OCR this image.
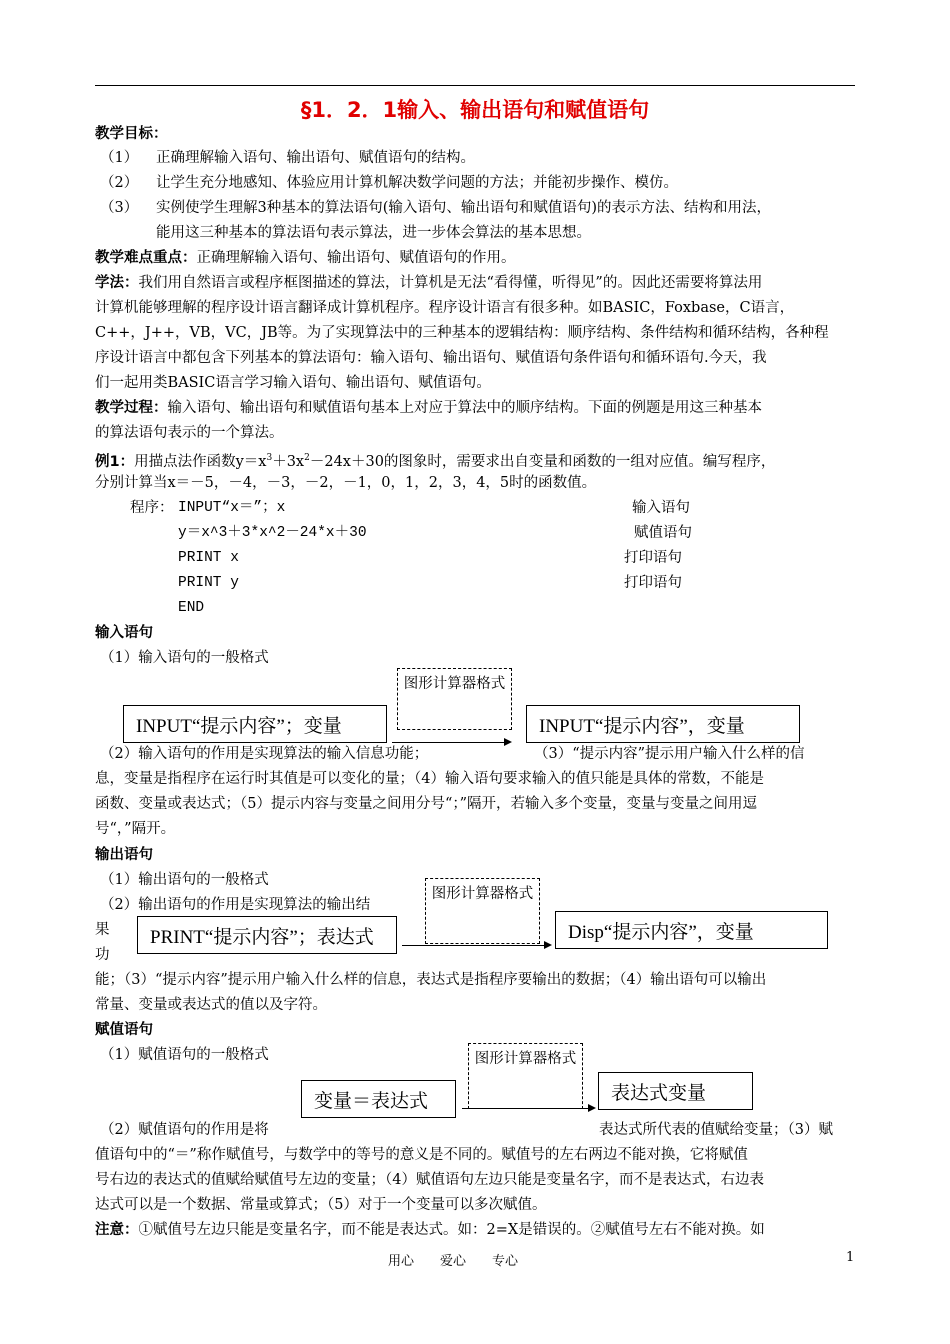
§1．2．1输入、输出语句和赋值语句
教学目标：
（1） 正确理解输入语句、输出语句、赋值语句的结构。
（2） 让学生充分地感知、体验应用计算机解决数学问题的方法；并能初步操作、模仿。
（3） 实例使学生理解3种基本的算法语句(输入语句、输出语句和赋值语句)的表示方法、结构和用法，
能用这三种基本的算法语句表示算法，进一步体会算法的基本思想。
教学难点重点：正确理解输入语句、输出语句、赋值语句的作用。
学法：我们用自然语言或程序框图描述的算法，计算机是无法“看得懂，听得见”的。因此还需要将算法用
计算机能够理解的程序设计语言翻译成计算机程序。程序设计语言有很多种。如BASIC，Foxbase，C语言，
C++，J++，VB，VC，JB等。为了实现算法中的三种基本的逻辑结构：顺序结构、条件结构和循环结构，各种程
序设计语言中都包含下列基本的算法语句：输入语句、输出语句、赋值语句条件语句和循环语句.今天，我
们一起用类BASIC语言学习输入语句、输出语句、赋值语句。
教学过程：输入语句、输出语句和赋值语句基本上对应于算法中的顺序结构。下面的例题是用这三种基本
的算法语句表示的一个算法。
例1：用描点法作函数$y=x^3+3x^2-24x+30$的图象时，需要求出自变量和函数的一组对应值。编写程序，
分别计算当x＝－5，－4，－3，－2，－1，0，1，2，3，4，5时的函数值。
程序： INPUT“x＝”；x	输入语句
y＝x^3＋3*x^2－24*x＋30	赋值语句
PRINT x	打印语句
PRINT y	打印语句
END
输入语句
（1）输入语句的一般格式
图形计算器格式
INPUT“提示内容”；变量	INPUT“提示内容”，变量
（2）输入语句的作用是实现算法的输入信息功能；	（3）“提示内容”提示用户输入什么样的信
息，变量是指程序在运行时其值是可以变化的量；（4）输入语句要求输入的值只能是具体的常数，不能是
函数、变量或表达式；（5）提示内容与变量之间用分号“；”隔开，若输入多个变量，变量与变量之间用逗
号“，”隔开。
输出语句
（1）输出语句的一般格式
（2）输出语句的作用是实现算法的输出结
果
功
图形计算器格式
PRINT“提示内容”；表达式	Disp“提示内容”，变量
能；（3）“提示内容”提示用户输入什么样的信息，表达式是指程序要输出的数据；（4）输出语句可以输出
常量、变量或表达式的值以及字符。
赋值语句
（1）赋值语句的一般格式	图形计算器格式
变量＝表达式	表达式变量
（2）赋值语句的作用是将	表达式所代表的值赋给变量；（3）赋
值语句中的“＝”称作赋值号，与数学中的等号的意义是不同的。赋值号的左右两边不能对换，它将赋值
号右边的表达式的值赋给赋值号左边的变量；（4）赋值语句左边只能是变量名字，而不是表达式，右边表
达式可以是一个数据、常量或算式；（5）对于一个变量可以多次赋值。
注意：①赋值号左边只能是变量名字，而不能是表达式。如：2=X是错误的。②赋值号左右不能对换。如
用心　　爱心　　专心	1
